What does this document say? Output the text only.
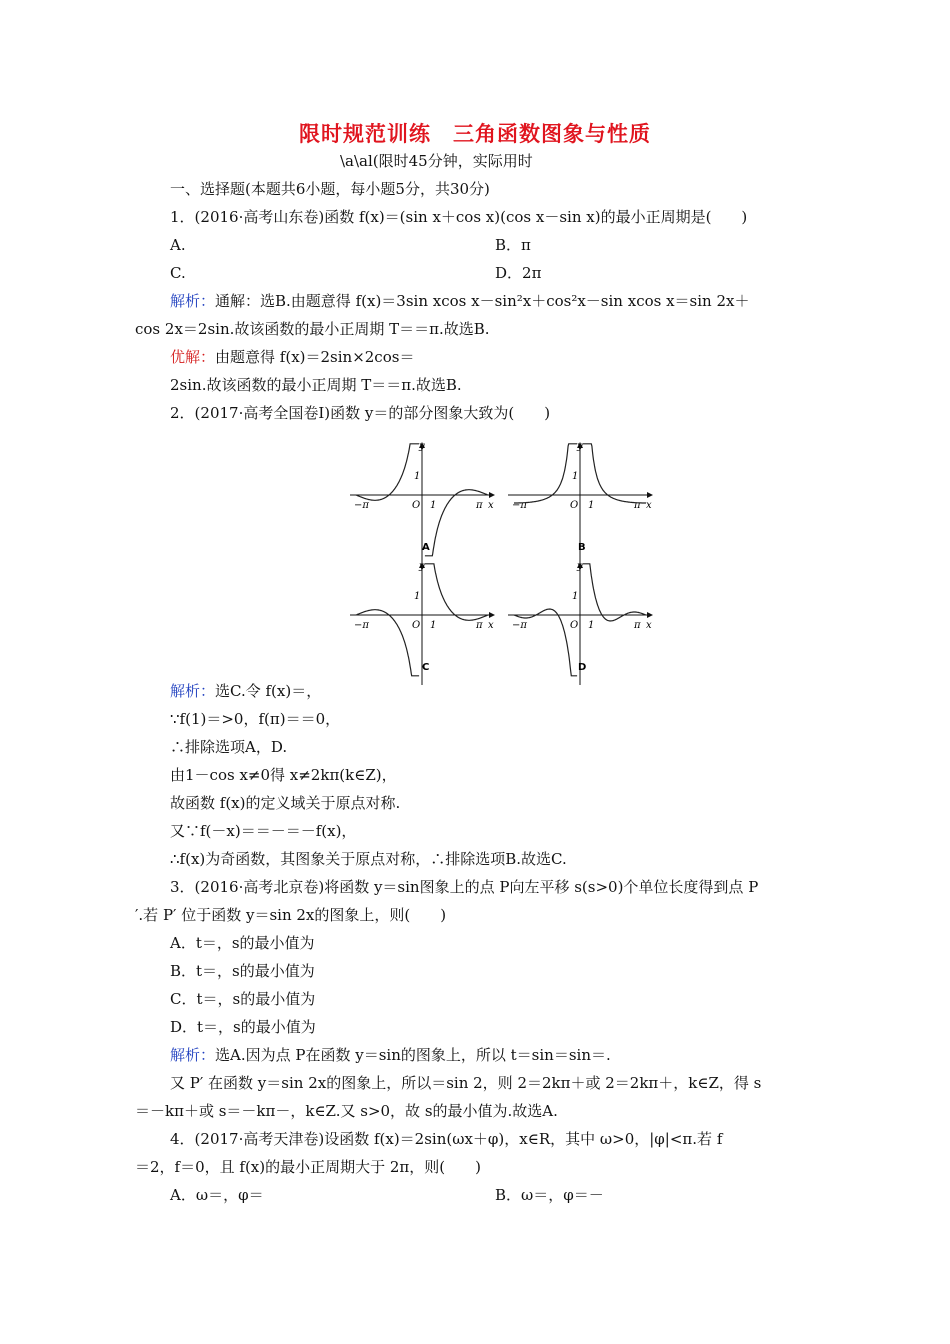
限时规范训练　三角函数图象与性质
\a\al(限时45分钟，实际用时
一、选择题(本题共6小题，每小题5分，共30分)
1．(2016·高考山东卷)函数 f(x)＝(sin x＋cos x)(cos x－sin x)的最小正周期是(　　)
A.	B．π
C.	D．2π
解析：通解：选B.由题意得 f(x)＝3sin xcos x－sin²x＋cos²x－sin xcos x＝sin 2x＋
cos 2x＝2sin.故该函数的最小正周期 T＝＝π.故选B.
优解：由题意得 f(x)＝2sin×2cos＝
2sin.故该函数的最小正周期 T＝＝π.故选B.
2．(2017·高考全国卷Ⅰ)函数 y＝的部分图象大致为(　　)
y
x
O 1
1
−π	π
A
y
x
O 1
1
−π	π
B
y
x
O 1
1
−π	π
C
y
x
O 1
1
−π	π
D
解析：选C.令 f(x)＝，
∵f(1)＝>0，f(π)＝＝0，
∴排除选项A，D.
由1－cos x≠0得 x≠2kπ(k∈Z)，
故函数 f(x)的定义域关于原点对称.
又∵f(－x)＝＝－＝－f(x)，
∴f(x)为奇函数，其图象关于原点对称，∴排除选项B.故选C.
3．(2016·高考北京卷)将函数 y＝sin图象上的点 P向左平移 s(s>0)个单位长度得到点 P
′.若 P′ 位于函数 y＝sin 2x的图象上，则(　　)
A．t＝，s的最小值为
B．t＝，s的最小值为
C．t＝，s的最小值为
D．t＝，s的最小值为
解析：选A.因为点 P在函数 y＝sin的图象上，所以 t＝sin＝sin＝.
又 P′ 在函数 y＝sin 2x的图象上，所以＝sin 2，则 2＝2kπ＋或 2＝2kπ＋，k∈Z，得 s
＝－kπ＋或 s＝－kπ－，k∈Z.又 s>0，故 s的最小值为.故选A.
4．(2017·高考天津卷)设函数 f(x)＝2sin(ωx＋φ)，x∈R，其中 ω>0，|φ|<π.若 f
＝2，f＝0，且 f(x)的最小正周期大于 2π，则(　　)
A．ω＝，φ＝	B．ω＝，φ＝－
